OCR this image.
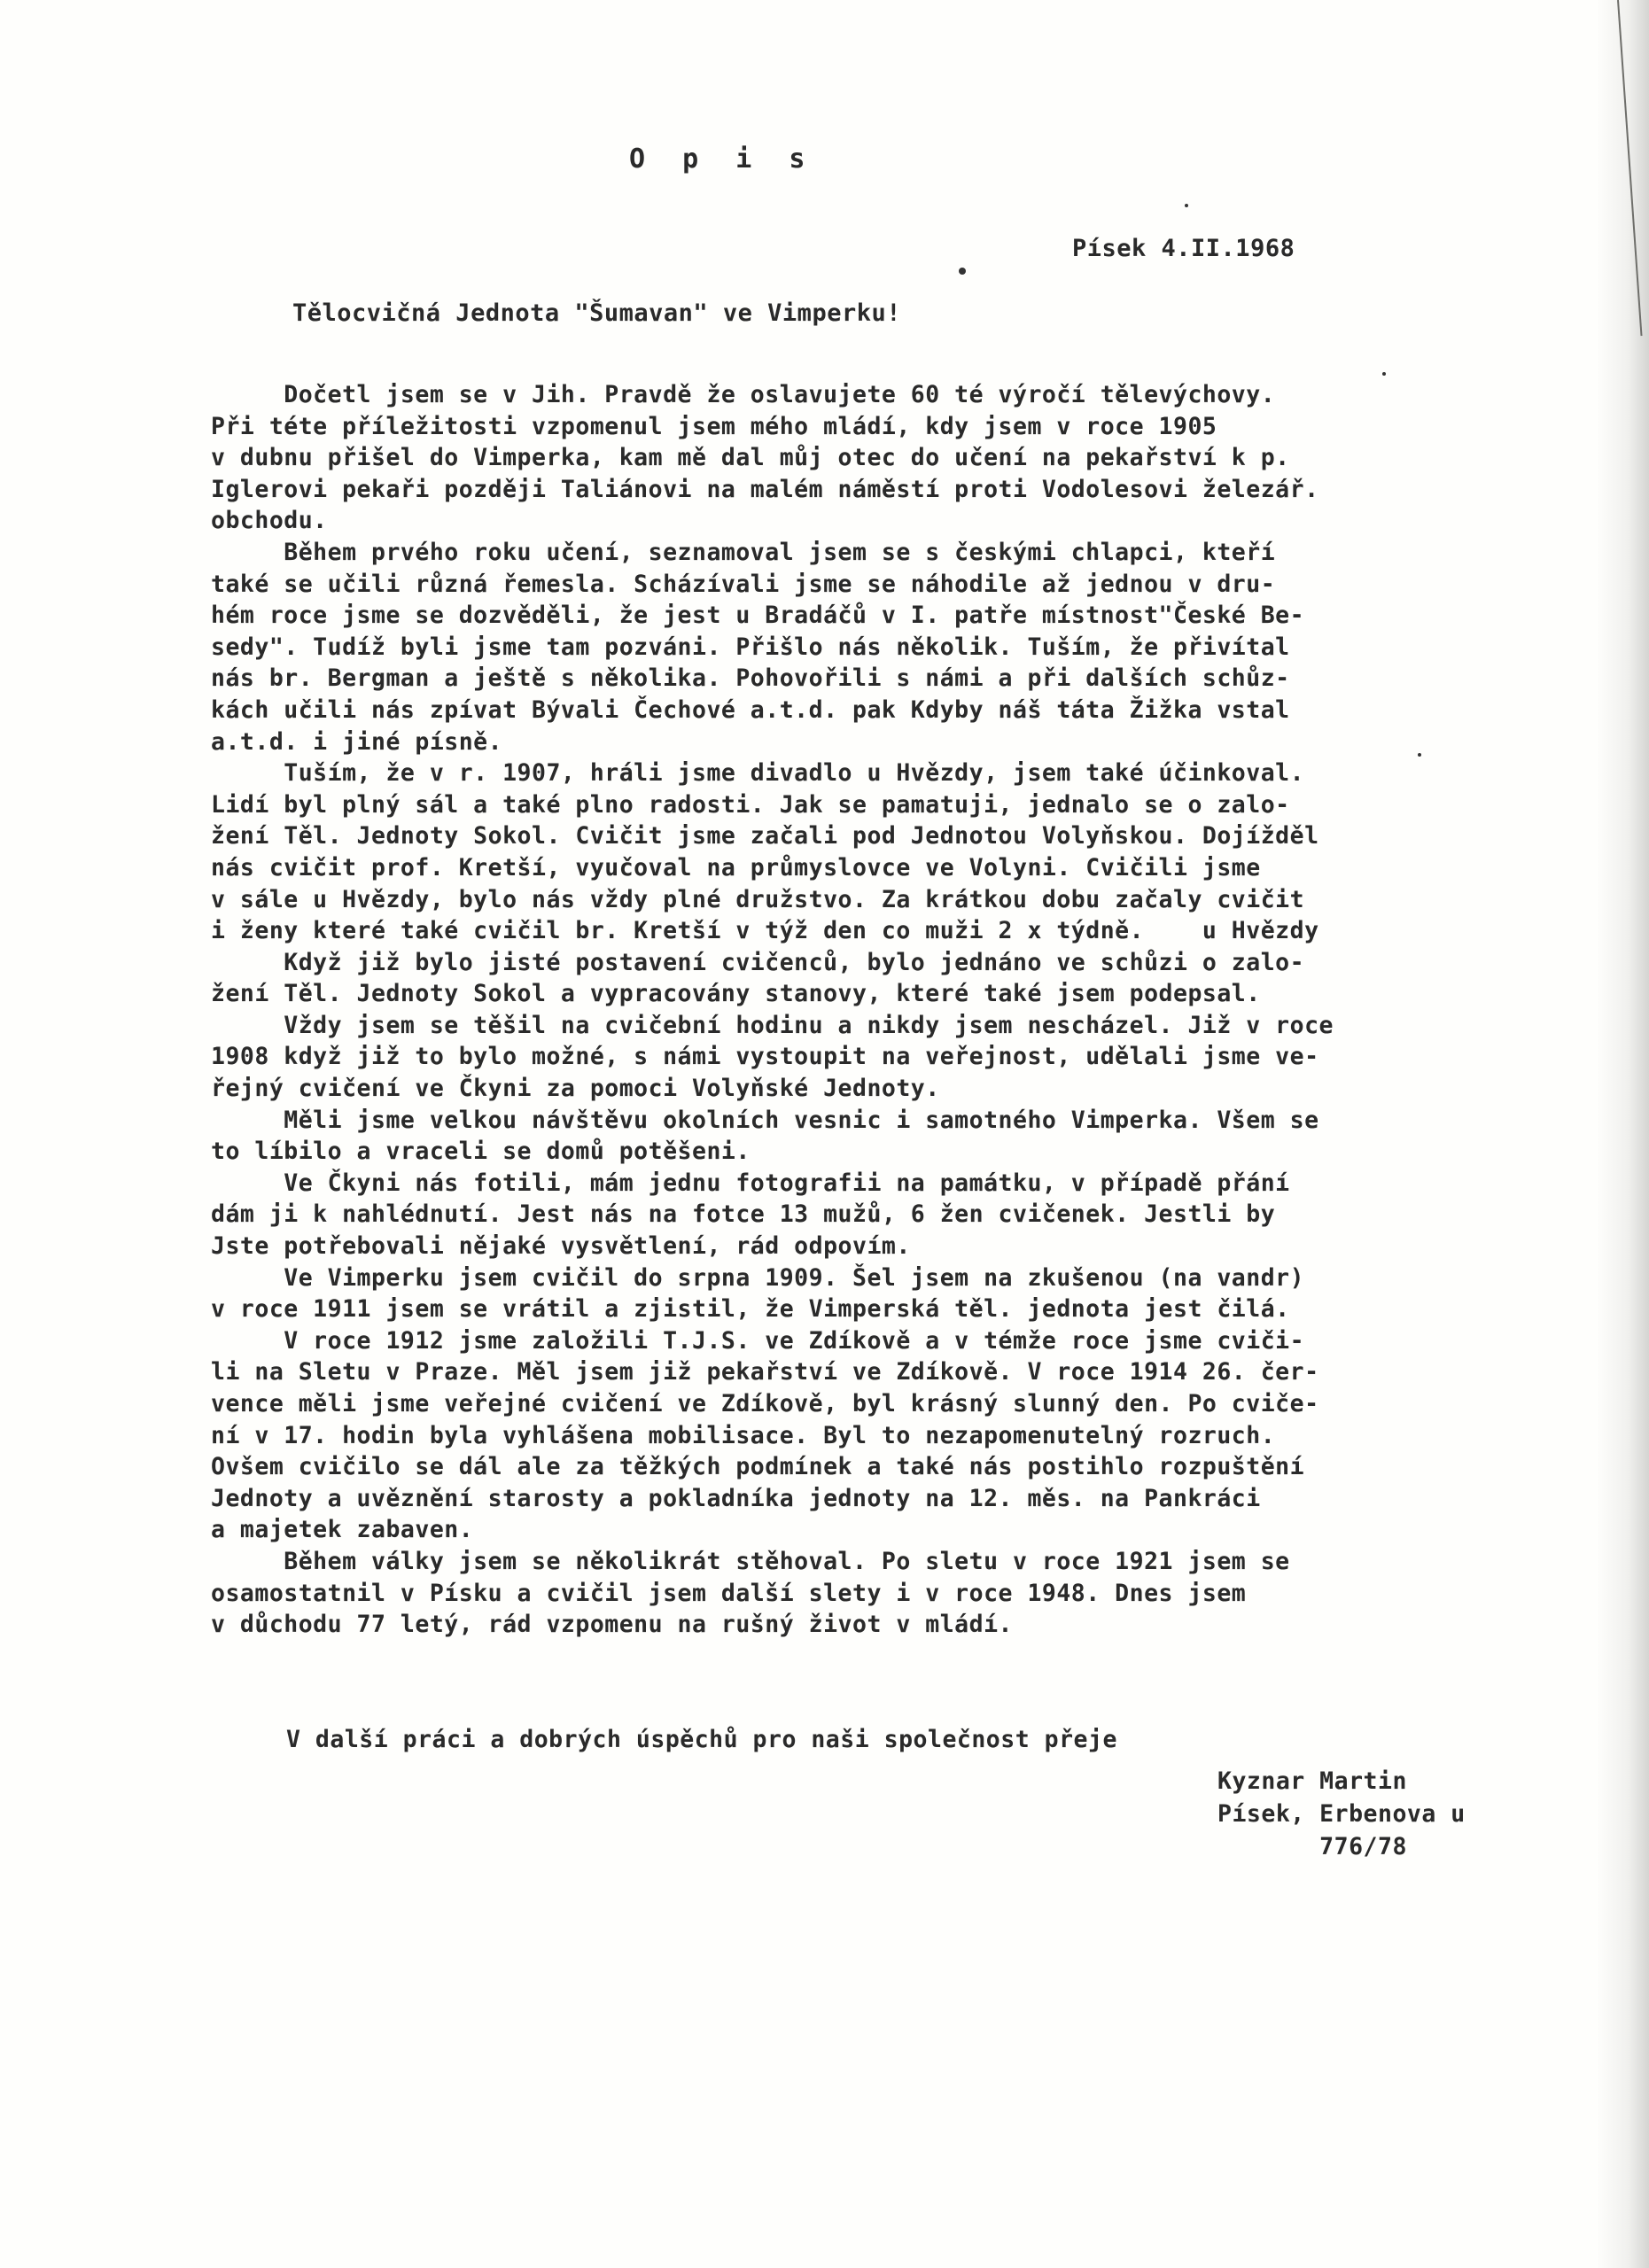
O p i s
Písek 4.II.1968
Tělocvičná Jednota "Šumavan" ve Vimperku!
Dočetl jsem se v Jih. Pravdě že oslavujete 60 té výročí tělevýchovy.
Při téte příležitosti vzpomenul jsem mého mládí, kdy jsem v roce 1905
v dubnu přišel do Vimperka, kam mě dal můj otec do učení na pekařství k p.
Iglerovi pekaři později Taliánovi na malém náměstí proti Vodolesovi železář.
obchodu.
Během prvého roku učení, seznamoval jsem se s českými chlapci, kteří
také se učili různá řemesla. Scházívali jsme se náhodile až jednou v dru-
hém roce jsme se dozvěděli, že jest u Bradáčů v I. patře místnost"České Be-
sedy". Tudíž byli jsme tam pozváni. Přišlo nás několik. Tuším, že přivítal
nás br. Bergman a ještě s několika. Pohovořili s námi a při dalších schůz-
kách učili nás zpívat Bývali Čechové a.t.d. pak Kdyby náš táta Žižka vstal
a.t.d. i jiné písně.
Tuším, že v r. 1907, hráli jsme divadlo u Hvězdy, jsem také účinkoval.
Lidí byl plný sál a také plno radosti. Jak se pamatuji, jednalo se o zalo-
žení Těl. Jednoty Sokol. Cvičit jsme začali pod Jednotou Volyňskou. Dojížděl
nás cvičit prof. Kretší, vyučoval na průmyslovce ve Volyni. Cvičili jsme
v sále u Hvězdy, bylo nás vždy plné družstvo. Za krátkou dobu začaly cvičit
i ženy které také cvičil br. Kretší v týž den co muži 2 x týdně.    u Hvězdy
Když již bylo jisté postavení cvičenců, bylo jednáno ve schůzi o zalo-
žení Těl. Jednoty Sokol a vypracovány stanovy, které také jsem podepsal.
Vždy jsem se těšil na cvičební hodinu a nikdy jsem nescházel. Již v roce
1908 když již to bylo možné, s námi vystoupit na veřejnost, udělali jsme ve-
řejný cvičení ve Čkyni za pomoci Volyňské Jednoty.
Měli jsme velkou návštěvu okolních vesnic i samotného Vimperka. Všem se
to líbilo a vraceli se domů potěšeni.
Ve Čkyni nás fotili, mám jednu fotografii na památku, v případě přání
dám ji k nahlédnutí. Jest nás na fotce 13 mužů, 6 žen cvičenek. Jestli by
Jste potřebovali nějaké vysvětlení, rád odpovím.
Ve Vimperku jsem cvičil do srpna 1909. Šel jsem na zkušenou (na vandr)
v roce 1911 jsem se vrátil a zjistil, že Vimperská těl. jednota jest čilá.
V roce 1912 jsme založili T.J.S. ve Zdíkově a v témže roce jsme cviči-
li na Sletu v Praze. Měl jsem již pekařství ve Zdíkově. V roce 1914 26. čer-
vence měli jsme veřejné cvičení ve Zdíkově, byl krásný slunný den. Po cviče-
ní v 17. hodin byla vyhlášena mobilisace. Byl to nezapomenutelný rozruch.
Ovšem cvičilo se dál ale za těžkých podmínek a také nás postihlo rozpuštění
Jednoty a uvěznění starosty a pokladníka jednoty na 12. měs. na Pankráci
a majetek zabaven.
Během války jsem se několikrát stěhoval. Po sletu v roce 1921 jsem se
osamostatnil v Písku a cvičil jsem další slety i v roce 1948. Dnes jsem
v důchodu 77 letý, rád vzpomenu na rušný život v mládí.
V další práci a dobrých úspěchů pro naši společnost přeje
Kyznar Martin
Písek, Erbenova u
776/78
